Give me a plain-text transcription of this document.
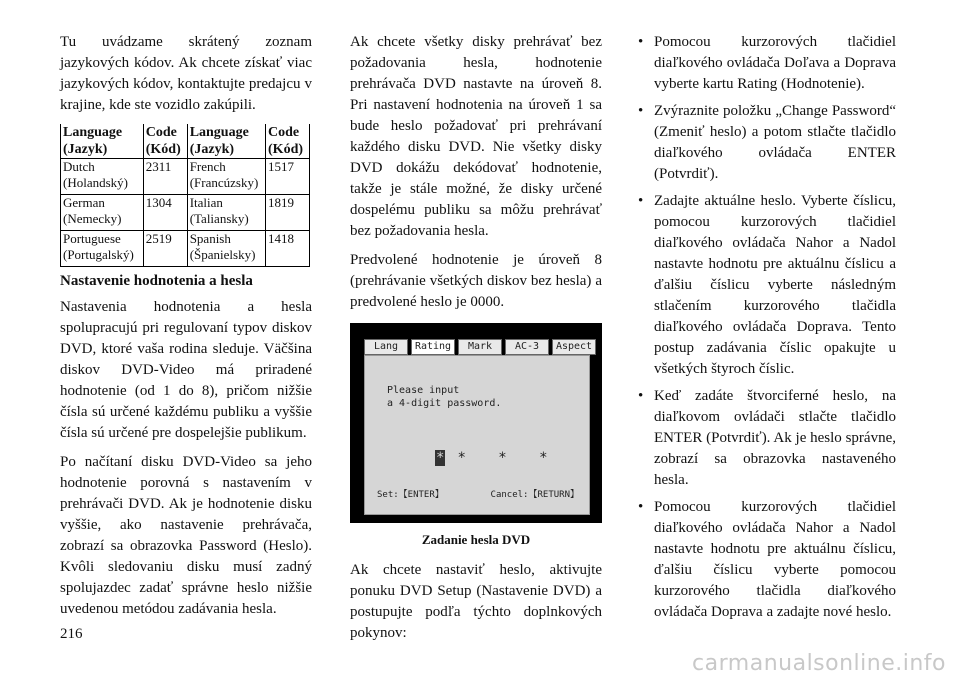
Tu uvádzame skrátený zoznam jazykových kódov. Ak chcete získať viac jazykových kódov, kontaktujte predajcu v krajine, kde ste vozidlo zakúpili.

Language (Jazyk)	Code (Kód)	Language (Jazyk)	Code (Kód)
Dutch (Holandský)	2311	French (Francúzsky)	1517
German (Nemecky)	1304	Italian (Taliansky)	1819
Portuguese (Portugalský)	2519	Spanish (Španielsky)	1418

Nastavenie hodnotenia a hesla

Nastavenia hodnotenia a hesla spolupracujú pri regulovaní typov diskov DVD, ktoré vaša rodina sleduje. Väčšina diskov DVD-Video má priradené hodnotenie (od 1 do 8), pričom nižšie čísla sú určené každému publiku a vyššie čísla sú určené pre dospelejšie publikum.

Po načítaní disku DVD-Video sa jeho hodnotenie porovná s nastavením v prehrávači DVD. Ak je hodnotenie disku vyššie, ako nastavenie prehrávača, zobrazí sa obrazovka Password (Heslo). Kvôli sledovaniu disku musí zadný spolujazdec zadať správne heslo nižšie uvedenou metódou zadávania hesla.

Ak chcete všetky disky prehrávať bez požadovania hesla, hodnotenie prehrávača DVD nastavte na úroveň 8. Pri nastavení hodnotenia na úroveň 1 sa bude heslo požadovať pri prehrávaní každého disku DVD. Nie všetky disky DVD dokážu dekódovať hodnotenie, takže je stále možné, že disky určené dospelému publiku sa môžu prehrávať bez požadovania hesla.

Predvolené hodnotenie je úroveň 8 (prehrávanie všetkých diskov bez hesla) a predvolené heslo je 0000.

Lang	Rating	Mark	AC-3	Aspect
Please input
a 4-digit password.
* * * *
Set:【ENTER】	Cancel:【RETURN】
Zadanie hesla DVD

Ak chcete nastaviť heslo, aktivujte ponuku DVD Setup (Nastavenie DVD) a postupujte podľa týchto doplnkových pokynov:

• Pomocou kurzorových tlačidiel diaľkového ovládača Doľava a Doprava vyberte kartu Rating (Hodnotenie).
• Zvýraznite položku „Change Password“ (Zmeniť heslo) a potom stlačte tlačidlo diaľkového ovládača ENTER (Potvrdiť).
• Zadajte aktuálne heslo. Vyberte číslicu, pomocou kurzorových tlačidiel diaľkového ovládača Nahor a Nadol nastavte hodnotu pre aktuálnu číslicu a ďalšiu číslicu vyberte následným stlačením kurzorového tlačidla diaľkového ovládača Doprava. Tento postup zadávania číslic opakujte u všetkých štyroch číslic.
• Keď zadáte štvorciferné heslo, na diaľkovom ovládači stlačte tlačidlo ENTER (Potvrdiť). Ak je heslo správne, zobrazí sa obrazovka nastaveného hesla.
• Pomocou kurzorových tlačidiel diaľkového ovládača Nahor a Nadol nastavte hodnotu pre aktuálnu číslicu, ďalšiu číslicu vyberte pomocou kurzorového tlačidla diaľkového ovládača Doprava a zadajte nové heslo.
216
carmanualsonline.info
